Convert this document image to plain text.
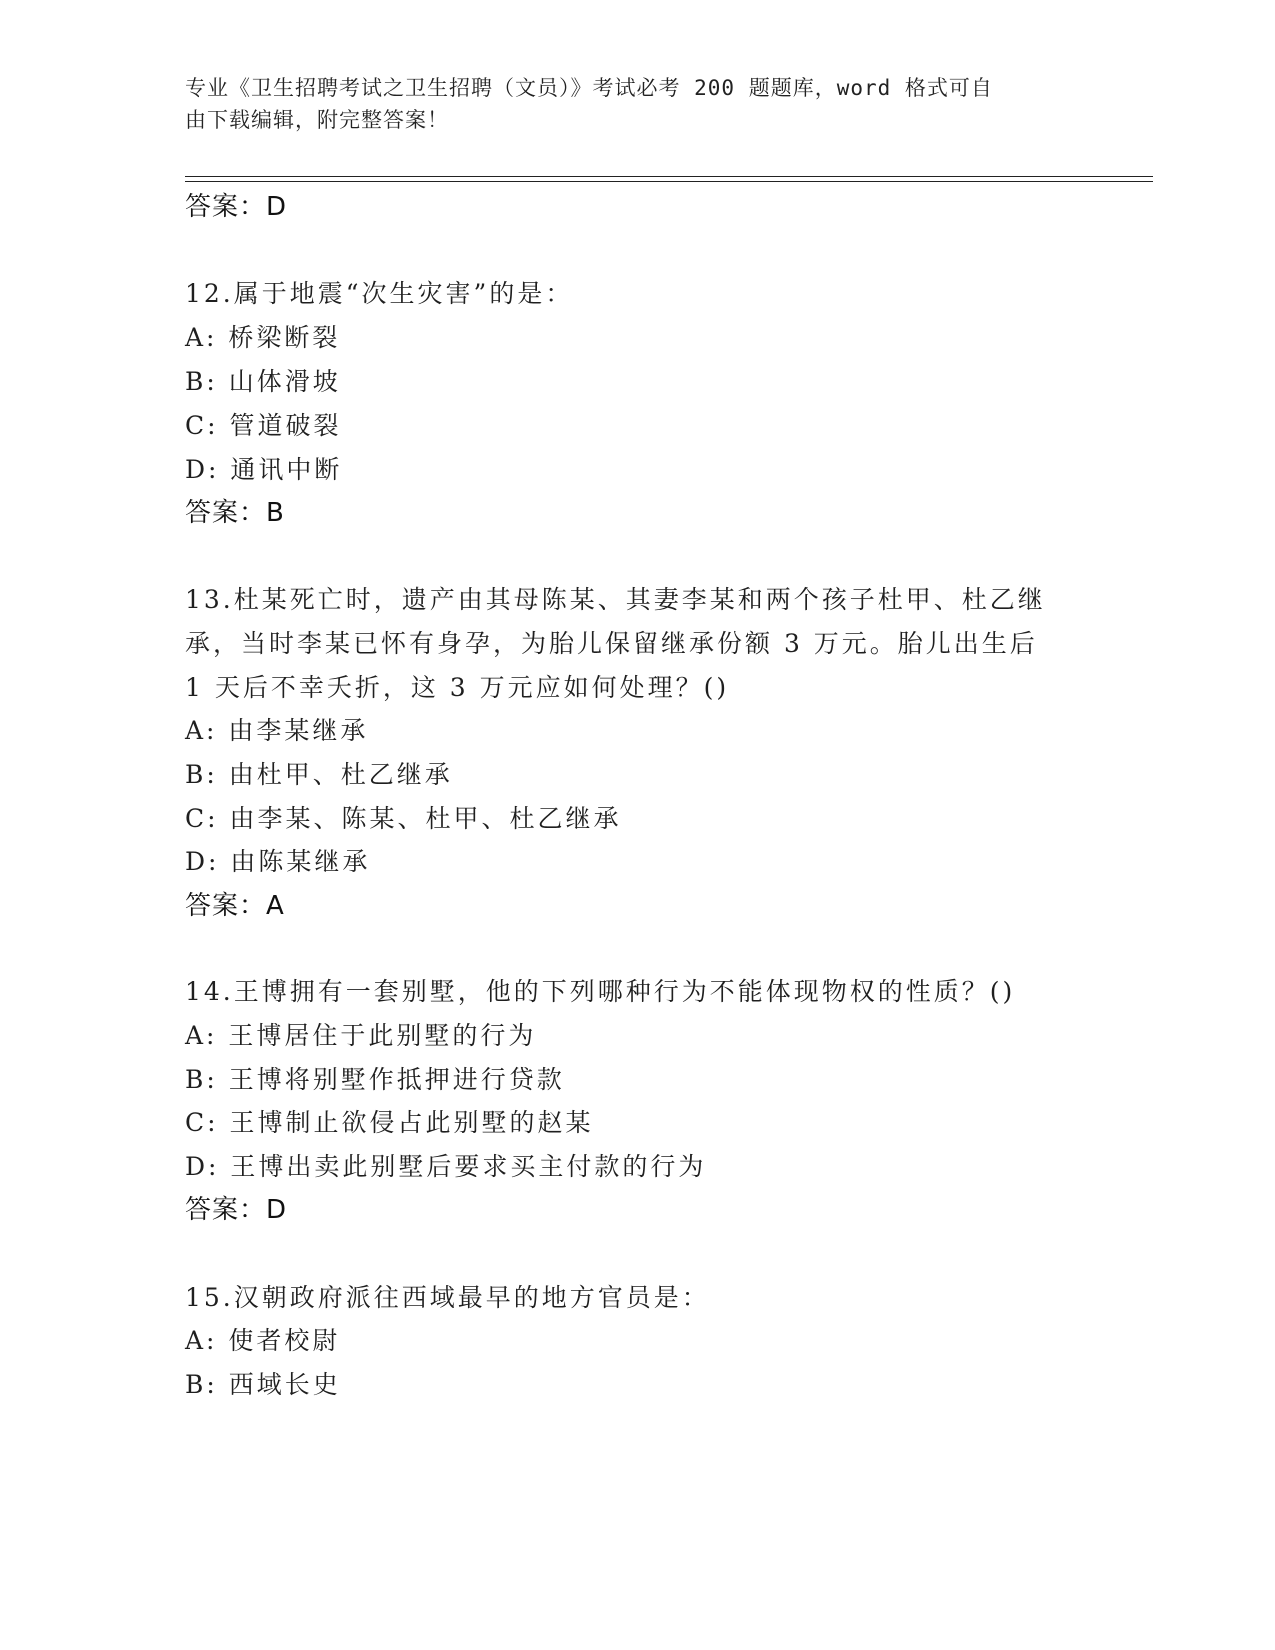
专业《卫生招聘考试之卫生招聘（文员）》考试必考 200 题题库，word 格式可自
由下载编辑，附完整答案！
答案：D
12.属于地震“次生灾害”的是：
A: 桥梁断裂
B: 山体滑坡
C: 管道破裂
D: 通讯中断
答案：B
13.杜某死亡时，遗产由其母陈某、其妻李某和两个孩子杜甲、杜乙继
承，当时李某已怀有身孕，为胎儿保留继承份额 3 万元。胎儿出生后
1 天后不幸夭折，这 3 万元应如何处理？()
A: 由李某继承
B: 由杜甲、杜乙继承
C: 由李某、陈某、杜甲、杜乙继承
D: 由陈某继承
答案：A
14.王博拥有一套别墅，他的下列哪种行为不能体现物权的性质？()
A: 王博居住于此别墅的行为
B: 王博将别墅作抵押进行贷款
C: 王博制止欲侵占此别墅的赵某
D: 王博出卖此别墅后要求买主付款的行为
答案：D
15.汉朝政府派往西域最早的地方官员是：
A: 使者校尉
B: 西域长史
